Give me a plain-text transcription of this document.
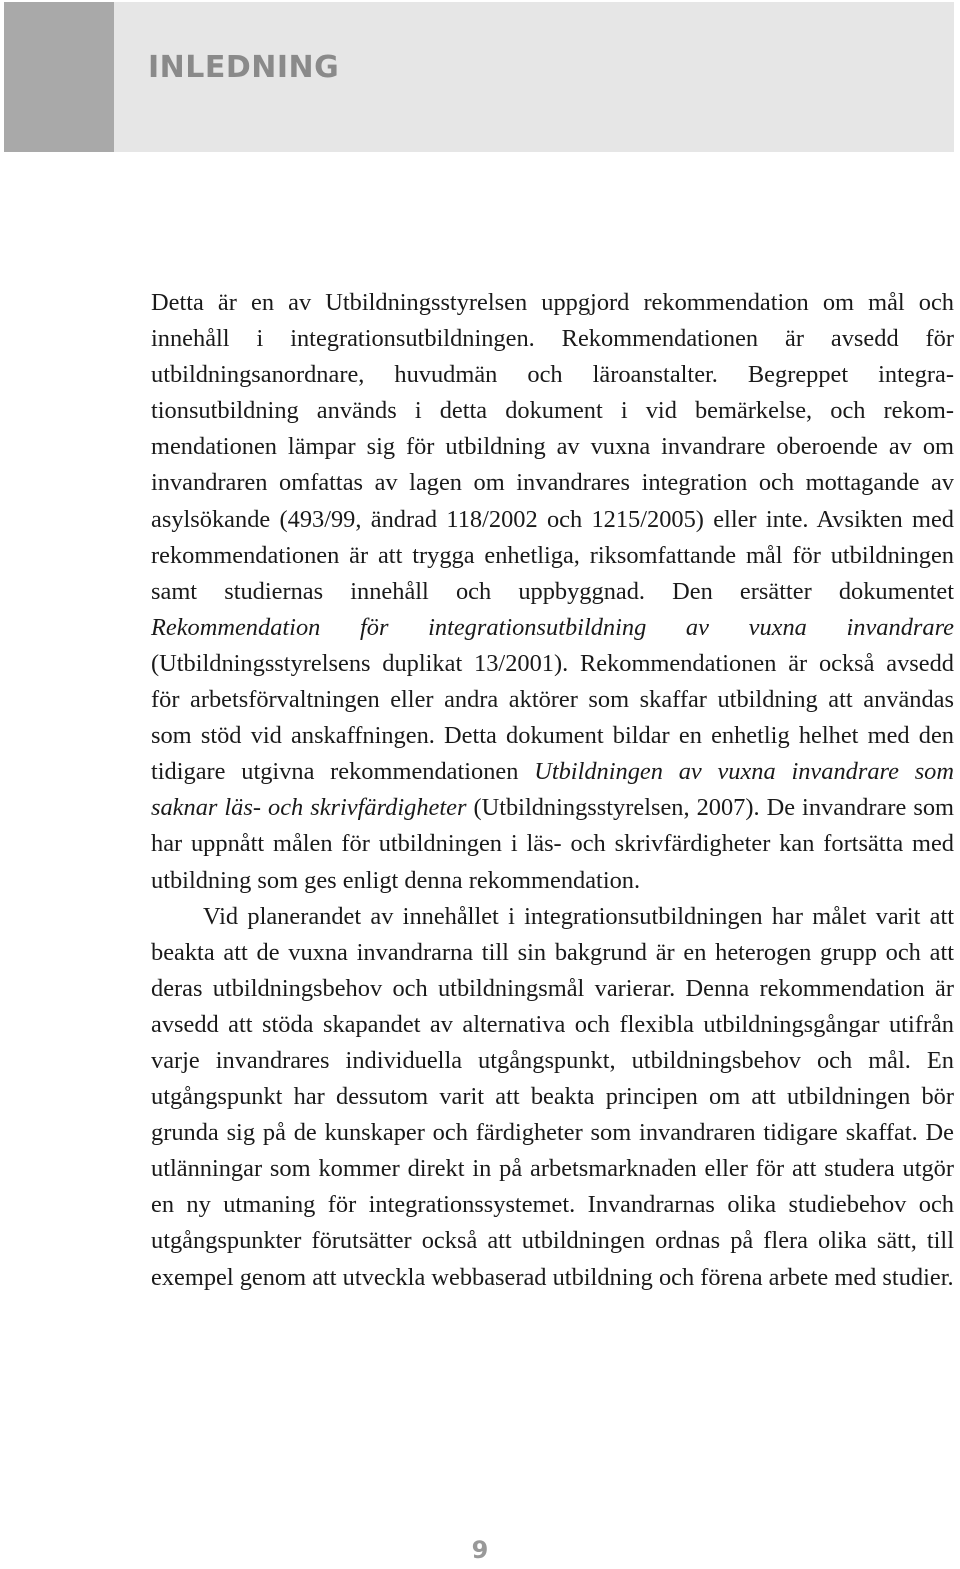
INLEDNING

Detta är en av Utbildningsstyrelsen uppgjord rekommendation om mål och innehåll i integrationsutbildningen. Rekommendationen är avsedd för utbildningsanordnare, huvudmän och läroanstalter. Begreppet integrationsutbildning används i detta dokument i vid bemärkelse, och rekommendationen lämpar sig för utbildning av vuxna invandrare oberoende av om invandraren omfattas av lagen om invandrares integration och mottagande av asylsökande (493/99, ändrad 118/2002 och 1215/2005) eller inte. Avsikten med rekommendationen är att trygga enhetliga, riksomfattande mål för utbildningen samt studiernas innehåll och uppbyggnad. Den ersätter dokumentet Rekommendation för integrationsutbildning av vuxna invandrare (Utbildningsstyrelsens duplikat 13/2001). Rekommendationen är också avsedd för arbetsförvaltningen eller andra aktörer som skaffar utbildning att användas som stöd vid anskaffningen. Detta dokument bildar en enhetlig helhet med den tidigare utgivna rekommendationen Utbildningen av vuxna invandrare som saknar läs- och skrivfärdigheter (Utbildningsstyrelsen, 2007). De invandrare som har uppnått målen för utbildningen i läs- och skrivfärdigheter kan fortsätta med utbildning som ges enligt denna rekommendation.

Vid planerandet av innehållet i integrationsutbildningen har målet varit att beakta att de vuxna invandrarna till sin bakgrund är en heterogen grupp och att deras utbildningsbehov och utbildningsmål varierar. Denna rekommendation är avsedd att stöda skapandet av alternativa och flexibla utbildningsgångar utifrån varje invandrares individuella utgångspunkt, utbildningsbehov och mål. En utgångspunkt har dessutom varit att beakta principen om att utbildningen bör grunda sig på de kunskaper och färdigheter som invandraren tidigare skaffat. De utlänningar som kommer direkt in på arbetsmarknaden eller för att studera utgör en ny utmaning för integrationssystemet. Invandrarnas olika studiebehov och utgångspunkter förutsätter också att utbildningen ordnas på flera olika sätt, till exempel genom att utveckla webbaserad utbildning och förena arbete med studier.

9
